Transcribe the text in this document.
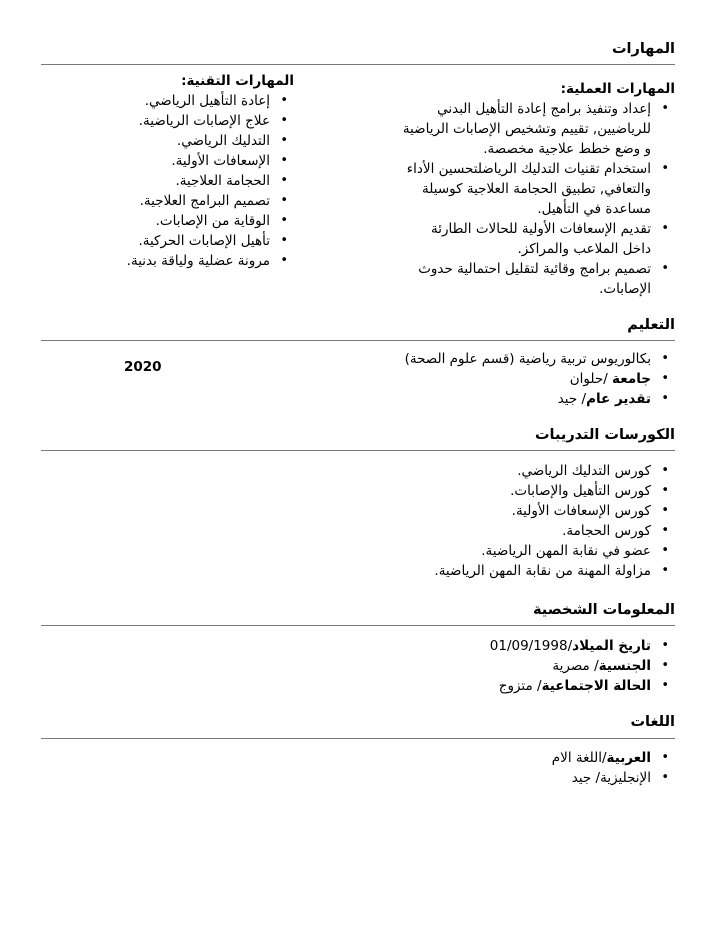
المهارات
المهارات العملية:
• إعداد وتنفيذ برامج إعادة التأهيل البدني للرياضيين, تقييم وتشخيص الإصابات الرياضية و وضع خطط علاجية مخصصة.
• استخدام تقنيات التدليك الرياضلتحسين الأداء والتعافي, تطبيق الحجامة العلاجية كوسيلة مساعدة في التأهيل.
• تقديم الإسعافات الأولية للحالات الطارئة داخل الملاعب والمراكز.
• تصميم برامج وقائية لتقليل احتمالية حدوث الإصابات.
المهارات التقنية:
• إعادة التأهيل الرياضي.
• علاج الإصابات الرياضية.
• التدليك الرياضي.
• الإسعافات الأولية.
• الحجامة العلاجية.
• تصميم البرامج العلاجية.
• الوقاية من الإصابات.
• تأهيل الإصابات الحركية.
• مرونة عضلية ولياقة بدنية.
التعليم
2020
•	بكالوريوس تربية رياضية (قسم علوم الصحة)
• جامعة /حلوان
• تقدير عام/ جيد
الكورسات التدريبات
• كورس التدليك الرياضي.
• كورس التأهيل والإصابات.
• كورس الإسعافات الأولية.
• كورس الحجامة.
• عضو في نقابة المهن الرياضية.
• مزاولة المهنة من نقابة المهن الرياضية.
المعلومات الشخصية
• تاريخ الميلاد/01/09/1998
• الجنسية/ مصرية
• الحالة الاجتماعية/ متزوج
اللغات
• العربية/اللغة الام
• الإنجليزية/ جيد
